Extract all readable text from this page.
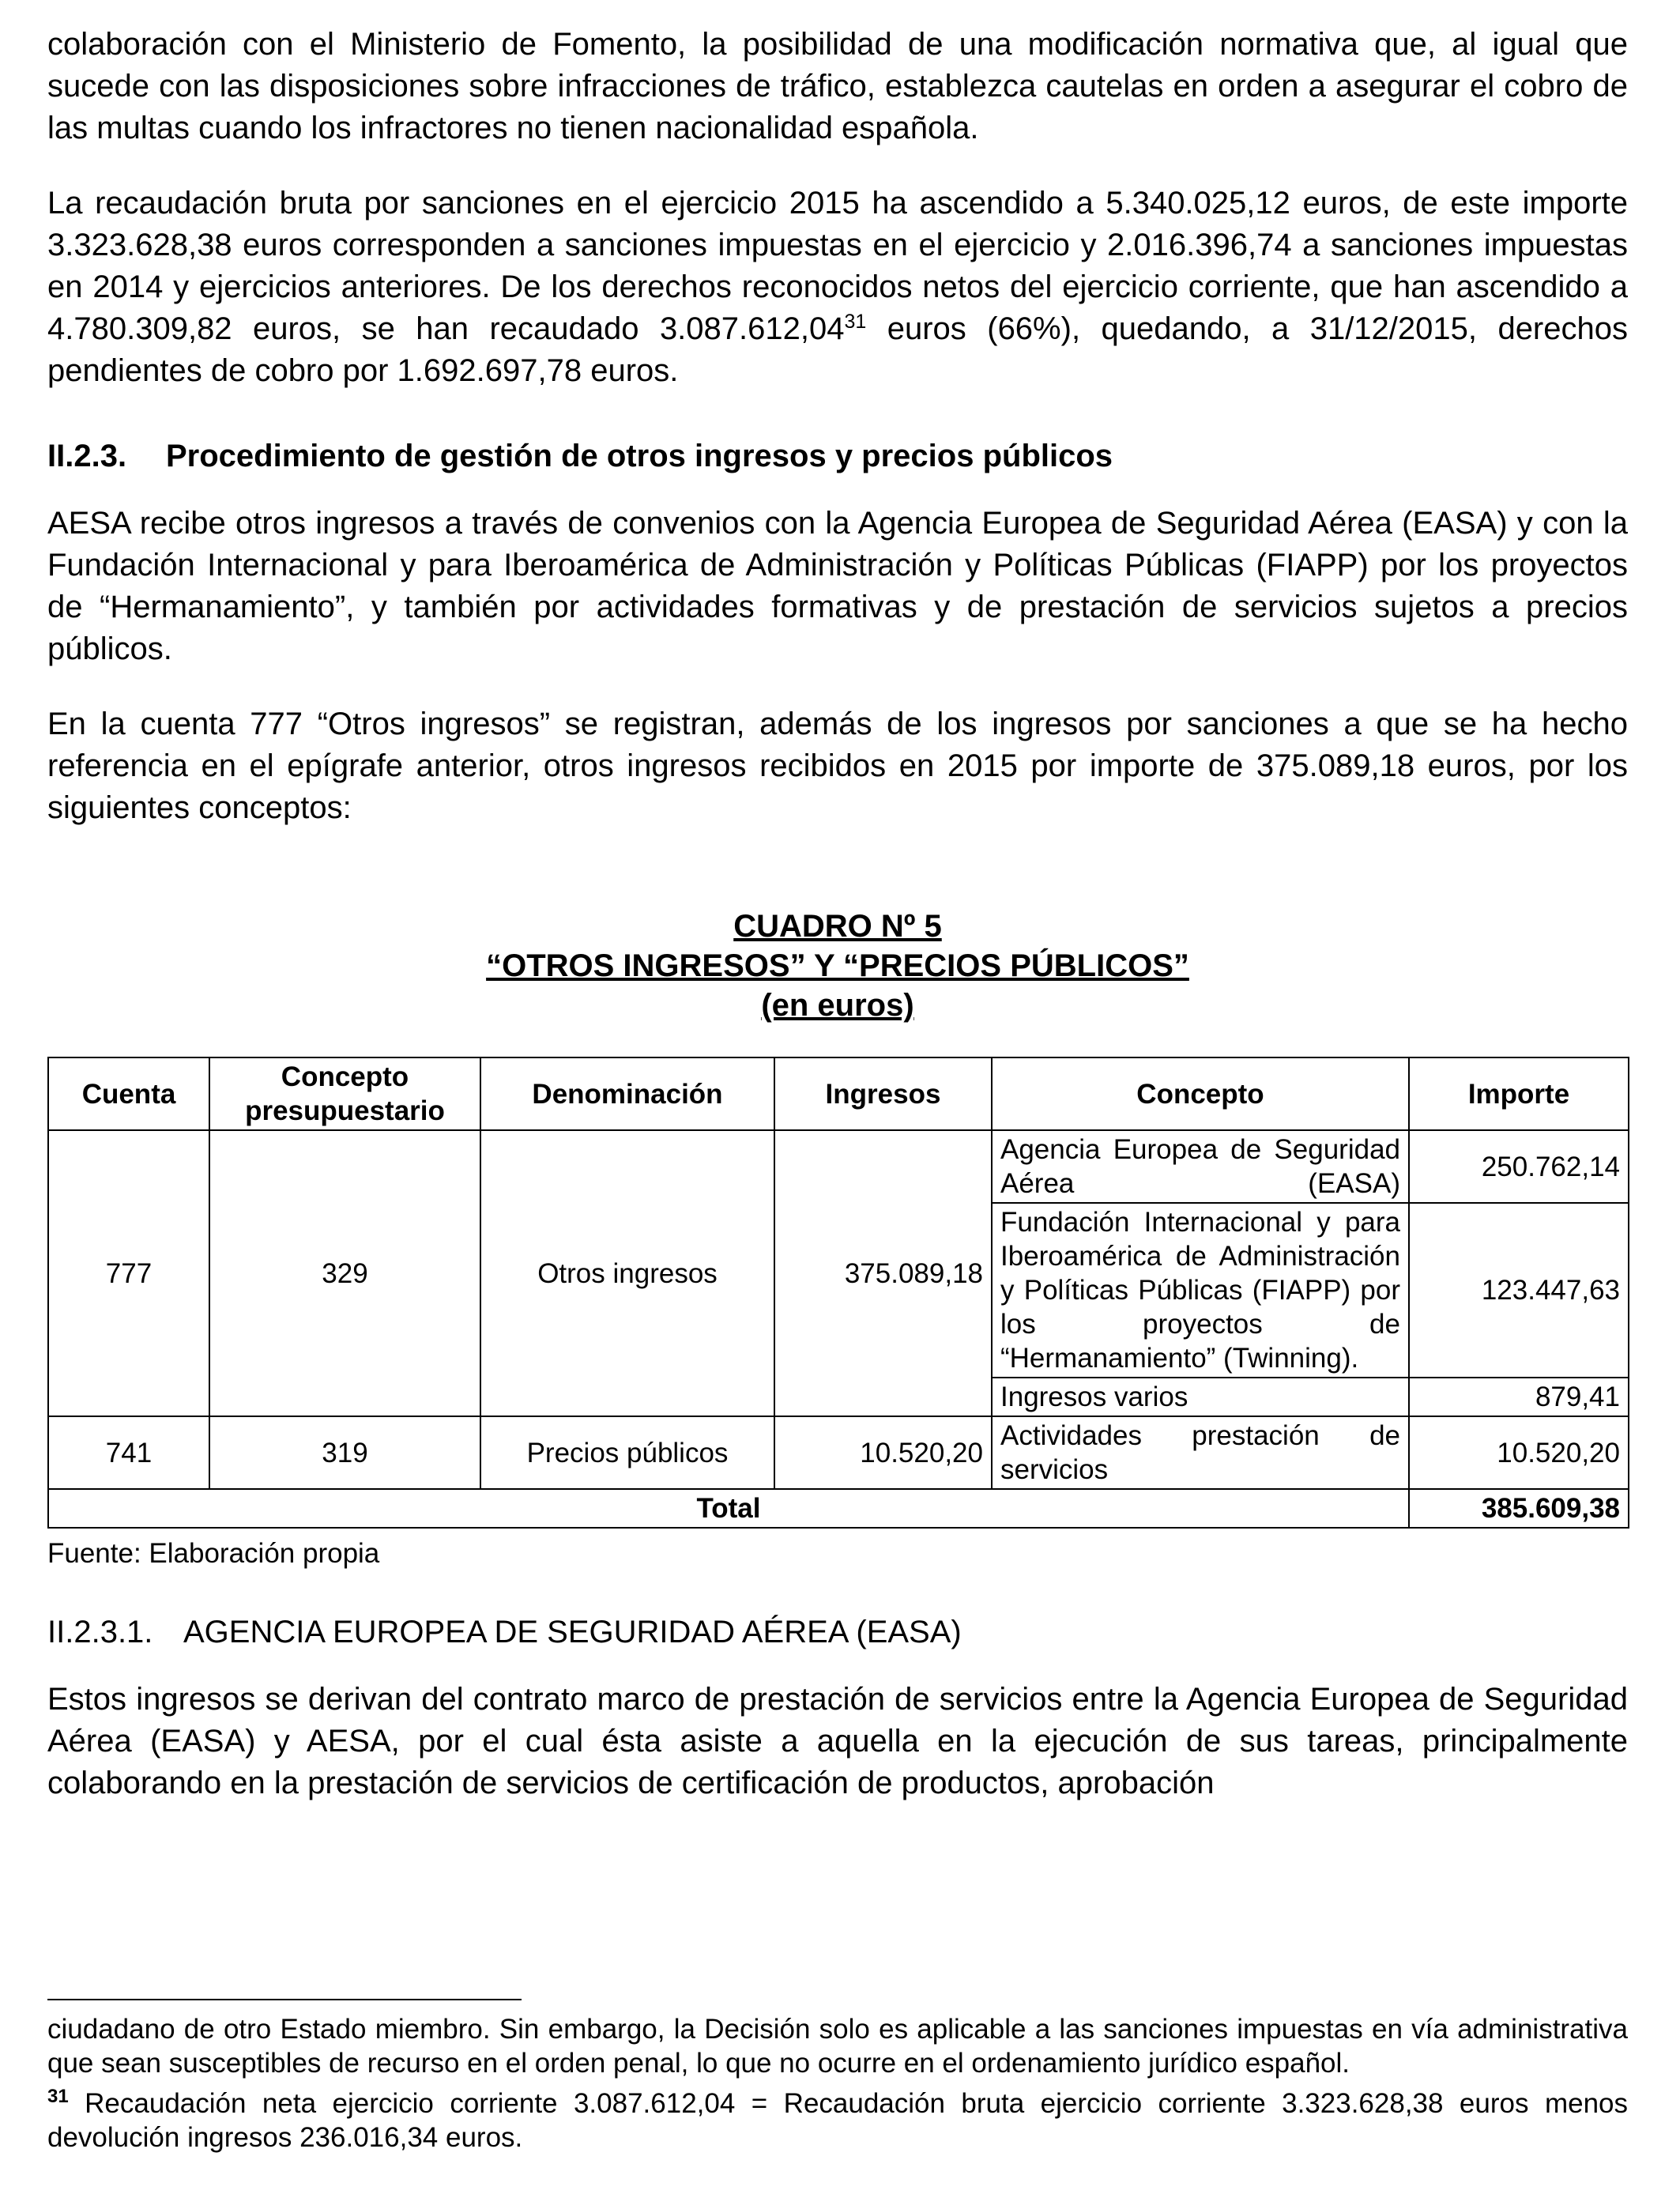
colaboración con el Ministerio de Fomento, la posibilidad de una modificación normativa que, al igual que sucede con las disposiciones sobre infracciones de tráfico, establezca cautelas en orden a asegurar el cobro de las multas cuando los infractores no tienen nacionalidad española.

La recaudación bruta por sanciones en el ejercicio 2015 ha ascendido a 5.340.025,12 euros, de este importe 3.323.628,38 euros corresponden a sanciones impuestas en el ejercicio y 2.016.396,74 a sanciones impuestas en 2014 y ejercicios anteriores. De los derechos reconocidos netos del ejercicio corriente, que han ascendido a 4.780.309,82 euros, se han recaudado 3.087.612,04$^{31}$ euros (66%), quedando, a 31/12/2015, derechos pendientes de cobro por 1.692.697,78 euros.

II.2.3. Procedimiento de gestión de otros ingresos y precios públicos

AESA recibe otros ingresos a través de convenios con la Agencia Europea de Seguridad Aérea (EASA) y con la Fundación Internacional y para Iberoamérica de Administración y Políticas Públicas (FIAPP) por los proyectos de “Hermanamiento”, y también por actividades formativas y de prestación de servicios sujetos a precios públicos.

En la cuenta 777 “Otros ingresos” se registran, además de los ingresos por sanciones a que se ha hecho referencia en el epígrafe anterior, otros ingresos recibidos en 2015 por importe de 375.089,18 euros, por los siguientes conceptos:

CUADRO Nº 5
“OTROS INGRESOS” Y “PRECIOS PÚBLICOS”
(en euros)
Cuenta	Concepto presupuestario	Denominación	Ingresos	Concepto	Importe
777	329	Otros ingresos	375.089,18	Agencia Europea de Seguridad Aérea (EASA)	250.762,14
				Fundación Internacional y para Iberoamérica de Administración y Políticas Públicas (FIAPP) por los proyectos de “Hermanamiento” (Twinning).	123.447,63
				Ingresos varios	879,41
741	319	Precios públicos	10.520,20	Actividades prestación de servicios	10.520,20
Total					385.609,38
Fuente: Elaboración propia
II.2.3.1. AGENCIA EUROPEA DE SEGURIDAD AÉREA (EASA)

Estos ingresos se derivan del contrato marco de prestación de servicios entre la Agencia Europea de Seguridad Aérea (EASA) y AESA, por el cual ésta asiste a aquella en la ejecución de sus tareas, principalmente colaborando en la prestación de servicios de certificación de productos, aprobación

ciudadano de otro Estado miembro. Sin embargo, la Decisión solo es aplicable a las sanciones impuestas en vía administrativa que sean susceptibles de recurso en el orden penal, lo que no ocurre en el ordenamiento jurídico español.
$^{31}$ Recaudación neta ejercicio corriente 3.087.612,04 = Recaudación bruta ejercicio corriente 3.323.628,38 euros menos devolución ingresos 236.016,34 euros.
